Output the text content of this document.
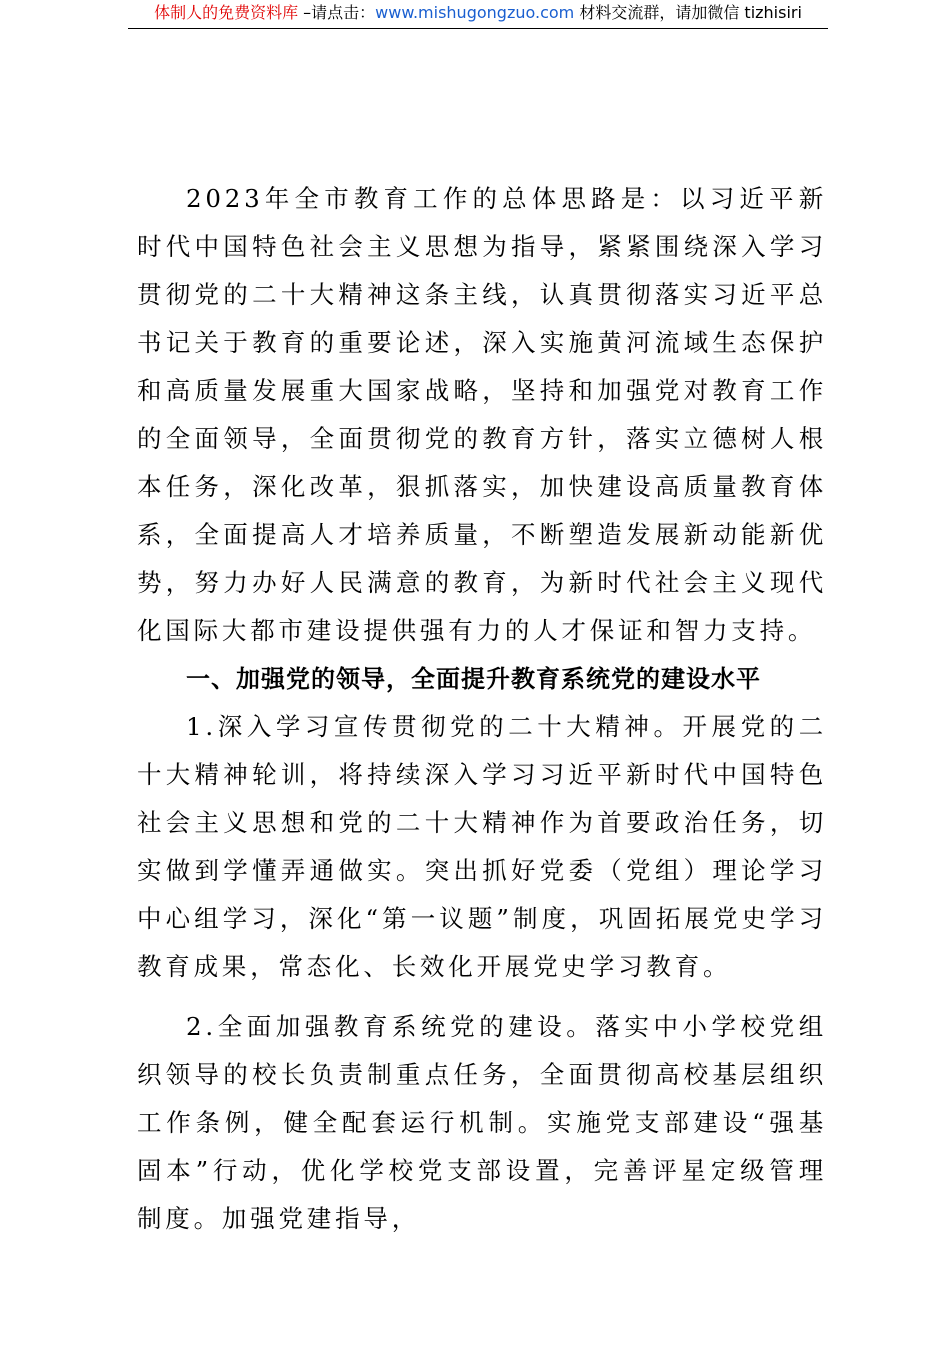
体制人的免费资料库 –请点击：www.mishugongzuo.com 材料交流群，请加微信 tizhisiri

2023年全市教育工作的总体思路是：以习近平新时代中国特色社会主义思想为指导，紧紧围绕深入学习贯彻党的二十大精神这条主线，认真贯彻落实习近平总书记关于教育的重要论述，深入实施黄河流域生态保护和高质量发展重大国家战略，坚持和加强党对教育工作的全面领导，全面贯彻党的教育方针，落实立德树人根本任务，深化改革，狠抓落实，加快建设高质量教育体系，全面提高人才培养质量，不断塑造发展新动能新优势，努力办好人民满意的教育，为新时代社会主义现代化国际大都市建设提供强有力的人才保证和智力支持。

一、加强党的领导，全面提升教育系统党的建设水平

1.深入学习宣传贯彻党的二十大精神。开展党的二十大精神轮训，将持续深入学习习近平新时代中国特色社会主义思想和党的二十大精神作为首要政治任务，切实做到学懂弄通做实。突出抓好党委（党组）理论学习中心组学习，深化“第一议题”制度，巩固拓展党史学习教育成果，常态化、长效化开展党史学习教育。

2.全面加强教育系统党的建设。落实中小学校党组织领导的校长负责制重点任务，全面贯彻高校基层组织工作条例，健全配套运行机制。实施党支部建设“强基固本”行动，优化学校党支部设置，完善评星定级管理制度。加强党建指导，
